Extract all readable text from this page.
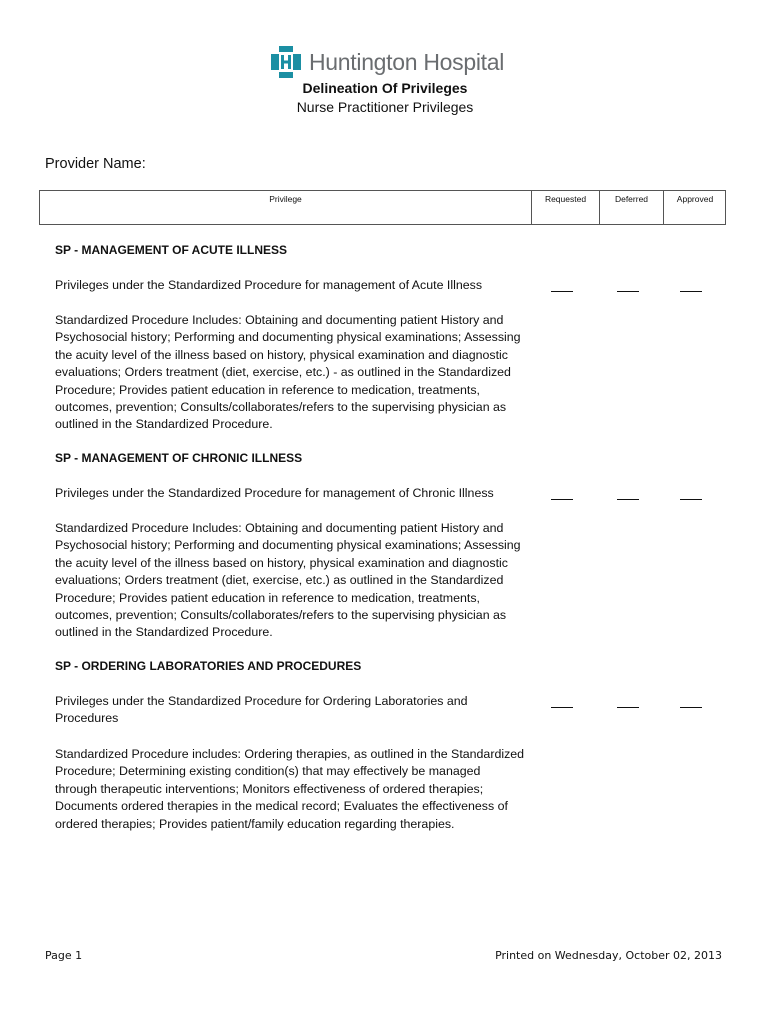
Huntington Hospital
Delineation Of Privileges
Nurse Practitioner Privileges
Provider Name:
Privilege	Requested	Deferred	Approved
SP - MANAGEMENT OF ACUTE ILLNESS
Privileges under the Standardized Procedure for management of Acute Illness
Standardized Procedure Includes: Obtaining and documenting patient History and Psychosocial history; Performing and documenting physical examinations; Assessing the acuity level of the illness based on history, physical examination and diagnostic evaluations; Orders treatment (diet, exercise, etc.) - as outlined in the Standardized Procedure; Provides patient education in reference to medication, treatments, outcomes, prevention; Consults/collaborates/refers to the supervising physician as outlined in the Standardized Procedure.
SP - MANAGEMENT OF CHRONIC ILLNESS
Privileges under the Standardized Procedure for management of Chronic Illness
Standardized Procedure Includes: Obtaining and documenting patient History and Psychosocial history; Performing and documenting physical examinations; Assessing the acuity level of the illness based on history, physical examination and diagnostic evaluations; Orders treatment (diet, exercise, etc.) as outlined in the Standardized Procedure; Provides patient education in reference to medication, treatments, outcomes, prevention; Consults/collaborates/refers to the supervising physician as outlined in the Standardized Procedure.
SP - ORDERING LABORATORIES AND PROCEDURES
Privileges under the Standardized Procedure for Ordering Laboratories and Procedures
Standardized Procedure includes: Ordering therapies, as outlined in the Standardized Procedure; Determining existing condition(s) that may effectively be managed through therapeutic interventions; Monitors effectiveness of ordered therapies; Documents ordered therapies in the medical record; Evaluates the effectiveness of ordered therapies; Provides patient/family education regarding therapies.
Page 1	Printed on Wednesday, October 02, 2013
